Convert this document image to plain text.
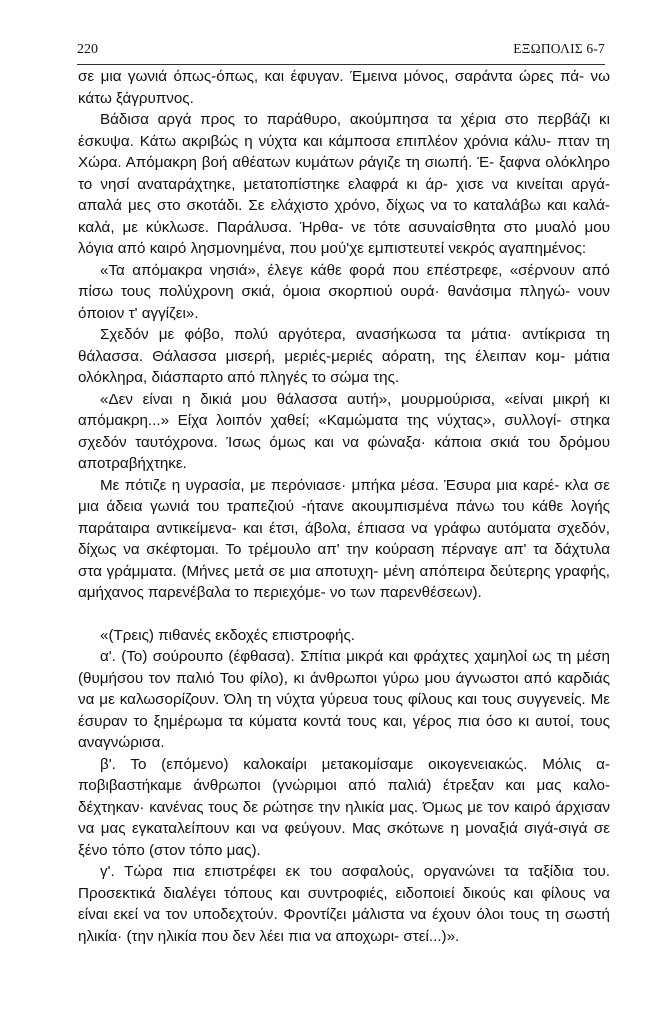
220	ΕΞΩΠΟΛΙΣ 6-7

σε μια γωνιά όπως-όπως, και έφυγαν. Έμεινα μόνος, σαράντα ώρες πά- νω κάτω ξάγρυπνος.

Βάδισα αργά προς το παράθυρο, ακούμπησα τα χέρια στο περβάζι κι έσκυψα. Κάτω ακριβώς η νύχτα και κάμποσα επιπλέον χρόνια κάλυ- πταν τη Χώρα. Απόμακρη βοή αθέατων κυμάτων ράγιζε τη σιωπή. Έ- ξαφνα ολόκληρο το νησί αναταράχτηκε, μετατοπίστηκε ελαφρά κι άρ- χισε να κινείται αργά-απαλά μες στο σκοτάδι. Σε ελάχιστο χρόνο, δίχως να το καταλάβω και καλά-καλά, με κύκλωσε. Παράλυσα. Ήρθα- νε τότε ασυναίσθητα στο μυαλό μου λόγια από καιρό λησμονημένα, που μού'χε εμπιστευτεί νεκρός αγαπημένος:

«Τα απόμακρα νησιά», έλεγε κάθε φορά που επέστρεφε, «σέρνουν από πίσω τους πολύχρονη σκιά, όμοια σκορπιού ουρά· θανάσιμα πληγώ- νουν όποιον τ' αγγίζει».

Σχεδόν με φόβο, πολύ αργότερα, ανασήκωσα τα μάτια· αντίκρισα τη θάλασσα. Θάλασσα μισερή, μεριές-μεριές αόρατη, της έλειπαν κομ- μάτια ολόκληρα, διάσπαρτο από πληγές το σώμα της.

«Δεν είναι η δικιά μου θάλασσα αυτή», μουρμούρισα, «είναι μικρή κι απόμακρη...» Είχα λοιπόν χαθεί; «Καμώματα της νύχτας», συλλογί- στηκα σχεδόν ταυτόχρονα. Ίσως όμως και να φώναξα· κάποια σκιά του δρόμου αποτραβήχτηκε.

Με πότιζε η υγρασία, με περόνιασε· μπήκα μέσα. Έσυρα μια καρέ- κλα σε μια άδεια γωνιά του τραπεζιού -ήτανε ακουμπισμένα πάνω του κάθε λογής παράταιρα αντικείμενα- και έτσι, άβολα, έπιασα να γράφω αυτόματα σχεδόν, δίχως να σκέφτομαι. Το τρέμουλο απ' την κούραση πέρναγε απ' τα δάχτυλα στα γράμματα. (Μήνες μετά σε μια αποτυχη- μένη απόπειρα δεύτερης γραφής, αμήχανος παρενέβαλα το περιεχόμε- νο των παρενθέσεων).

«(Τρεις) πιθανές εκδοχές επιστροφής.

α'. (Το) σούρουπο (έφθασα). Σπίτια μικρά και φράχτες χαμηλοί ως τη μέση (θυμήσου τον παλιό Του φίλο), κι άνθρωποι γύρω μου άγνωστοι από καρδιάς να με καλωσορίζουν. Όλη τη νύχτα γύρευα τους φίλους και τους συγγενείς. Με έσυραν το ξημέρωμα τα κύματα κοντά τους και, γέρος πια όσο κι αυτοί, τους αναγνώρισα.

β'. Το (επόμενο) καλοκαίρι μετακομίσαμε οικογενειακώς. Μόλις α- ποβιβαστήκαμε άνθρωποι (γνώριμοι από παλιά) έτρεξαν και μας καλο- δέχτηκαν· κανένας τους δε ρώτησε την ηλικία μας. Όμως με τον καιρό άρχισαν να μας εγκαταλείπουν και να φεύγουν. Μας σκότωνε η μοναξιά σιγά-σιγά σε ξένο τόπο (στον τόπο μας).

γ'. Τώρα πια επιστρέφει εκ του ασφαλούς, οργανώνει τα ταξίδια του. Προσεκτικά διαλέγει τόπους και συντροφιές, ειδοποιεί δικούς και φίλους να είναι εκεί να τον υποδεχτούν. Φροντίζει μάλιστα να έχουν όλοι τους τη σωστή ηλικία· (την ηλικία που δεν λέει πια να αποχωρι- στεί...)».
